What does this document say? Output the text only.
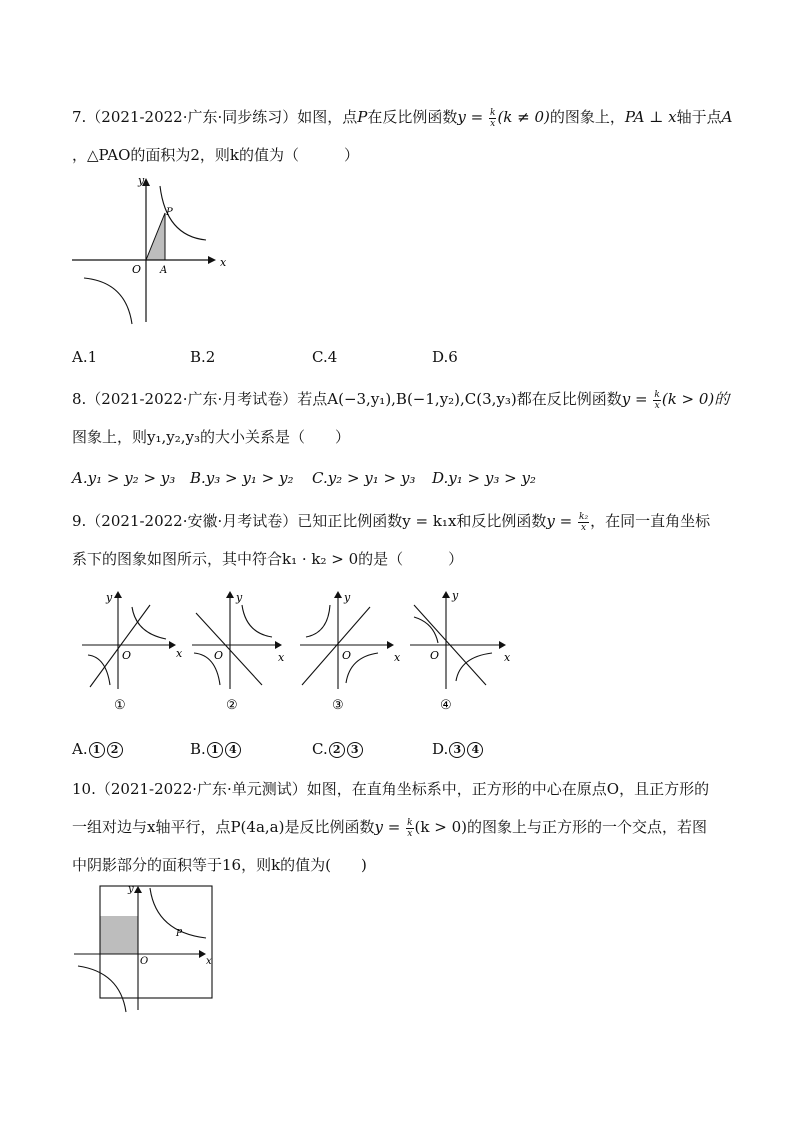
7.（2021-2022·广东·同步练习）如图，点P在反比例函数$y = \frac{k}{x} (k \ne 0)$的图象上，PA ⊥ x轴于点A
，△PAO的面积为2，则k的值为（　　　）
y
x
O
P
A
A.1	B.2	C.4	D.6
8.（2021-2022·广东·月考试卷）若点A(−3,y₁),B(−1,y₂),C(3,y₃)都在反比例函数$y = \frac{k}{x} (k > 0)$的
图象上，则y₁,y₂,y₃的大小关系是（　　）
A.y₁ > y₂ > y₃ B.y₃ > y₁ > y₂ C.y₂ > y₁ > y₃ D.y₁ > y₃ > y₂
9.（2021-2022·安徽·月考试卷）已知正比例函数y = k₁x和反比例函数$y = \frac{\text{k₂}}{x}$ ，在同一直角坐标
系下的图象如图所示，其中符合k₁ · k₂ > 0的是（　　　）
y
x
O
①
y
x
O
②
y
x
O
③
y
x
O
④
A. 1 2	B. 1 4	C. 2 3	D. 3 4
10.（2021-2022·广东·单元测试）如图，在直角坐标系中，正方形的中心在原点O，且正方形的
一组对边与x轴平行，点P(4a,a)是反比例函数$y = \frac{k}{x} (k > 0)$的图象上与正方形的一个交点，若图
中阴影部分的面积等于16，则k的值为(　　)
y
x
O
P
